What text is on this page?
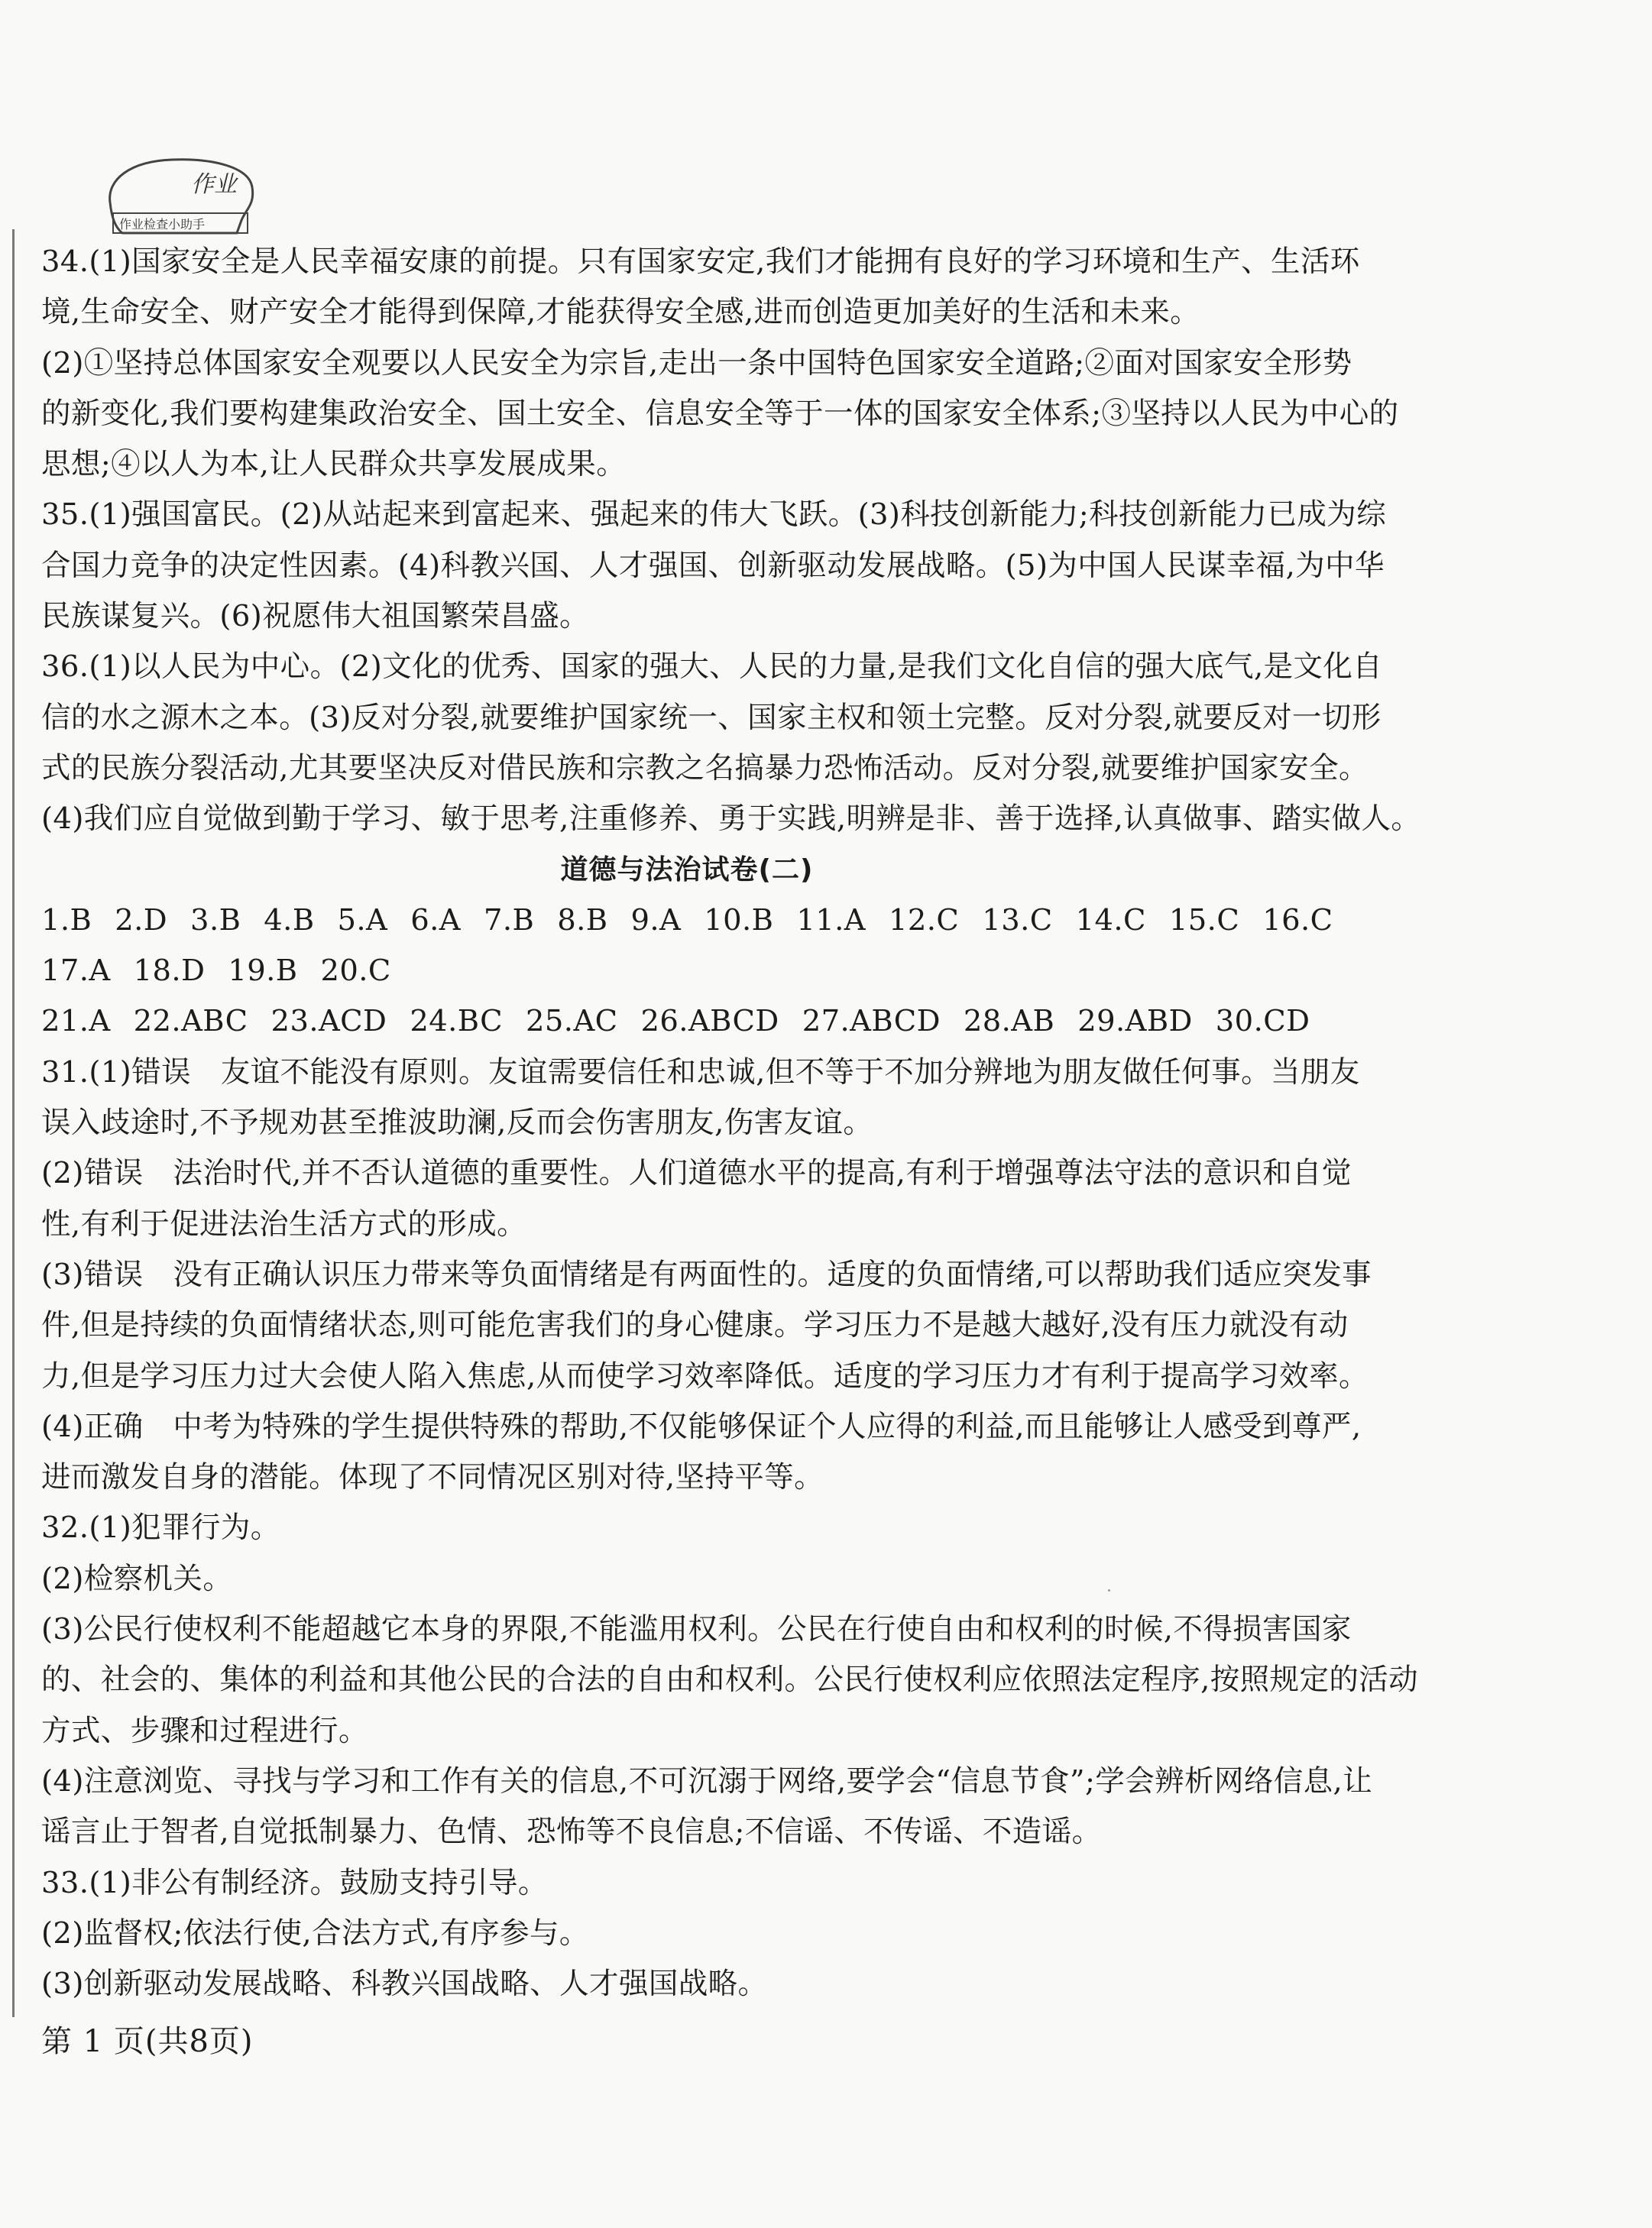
作业
作业检查小助手
34.(1)国家安全是人民幸福安康的前提。只有国家安定,我们才能拥有良好的学习环境和生产、生活环
境,生命安全、财产安全才能得到保障,才能获得安全感,进而创造更加美好的生活和未来。
(2)①坚持总体国家安全观要以人民安全为宗旨,走出一条中国特色国家安全道路;②面对国家安全形势
的新变化,我们要构建集政治安全、国土安全、信息安全等于一体的国家安全体系;③坚持以人民为中心的
思想;④以人为本,让人民群众共享发展成果。
35.(1)强国富民。(2)从站起来到富起来、强起来的伟大飞跃。(3)科技创新能力;科技创新能力已成为综
合国力竞争的决定性因素。(4)科教兴国、人才强国、创新驱动发展战略。(5)为中国人民谋幸福,为中华
民族谋复兴。(6)祝愿伟大祖国繁荣昌盛。
36.(1)以人民为中心。(2)文化的优秀、国家的强大、人民的力量,是我们文化自信的强大底气,是文化自
信的水之源木之本。(3)反对分裂,就要维护国家统一、国家主权和领土完整。反对分裂,就要反对一切形
式的民族分裂活动,尤其要坚决反对借民族和宗教之名搞暴力恐怖活动。反对分裂,就要维护国家安全。
(4)我们应自觉做到勤于学习、敏于思考,注重修养、勇于实践,明辨是非、善于选择,认真做事、踏实做人。
道德与法治试卷(二)
1.B 2.D 3.B 4.B 5.A 6.A 7.B 8.B 9.A 10.B 11.A 12.C 13.C 14.C 15.C 16.C
17.A 18.D 19.B 20.C
21.A 22.ABC 23.ACD 24.BC 25.AC 26.ABCD 27.ABCD 28.AB 29.ABD 30.CD
31.(1)错误　友谊不能没有原则。友谊需要信任和忠诚,但不等于不加分辨地为朋友做任何事。当朋友
误入歧途时,不予规劝甚至推波助澜,反而会伤害朋友,伤害友谊。
(2)错误　法治时代,并不否认道德的重要性。人们道德水平的提高,有利于增强尊法守法的意识和自觉
性,有利于促进法治生活方式的形成。
(3)错误　没有正确认识压力带来等负面情绪是有两面性的。适度的负面情绪,可以帮助我们适应突发事
件,但是持续的负面情绪状态,则可能危害我们的身心健康。学习压力不是越大越好,没有压力就没有动
力,但是学习压力过大会使人陷入焦虑,从而使学习效率降低。适度的学习压力才有利于提高学习效率。
(4)正确　中考为特殊的学生提供特殊的帮助,不仅能够保证个人应得的利益,而且能够让人感受到尊严,
进而激发自身的潜能。体现了不同情况区别对待,坚持平等。
32.(1)犯罪行为。
(2)检察机关。
(3)公民行使权利不能超越它本身的界限,不能滥用权利。公民在行使自由和权利的时候,不得损害国家
的、社会的、集体的利益和其他公民的合法的自由和权利。公民行使权利应依照法定程序,按照规定的活动
方式、步骤和过程进行。
(4)注意浏览、寻找与学习和工作有关的信息,不可沉溺于网络,要学会“信息节食”;学会辨析网络信息,让
谣言止于智者,自觉抵制暴力、色情、恐怖等不良信息;不信谣、不传谣、不造谣。
33.(1)非公有制经济。鼓励支持引导。
(2)监督权;依法行使,合法方式,有序参与。
(3)创新驱动发展战略、科教兴国战略、人才强国战略。
第 1 页(共8页)
